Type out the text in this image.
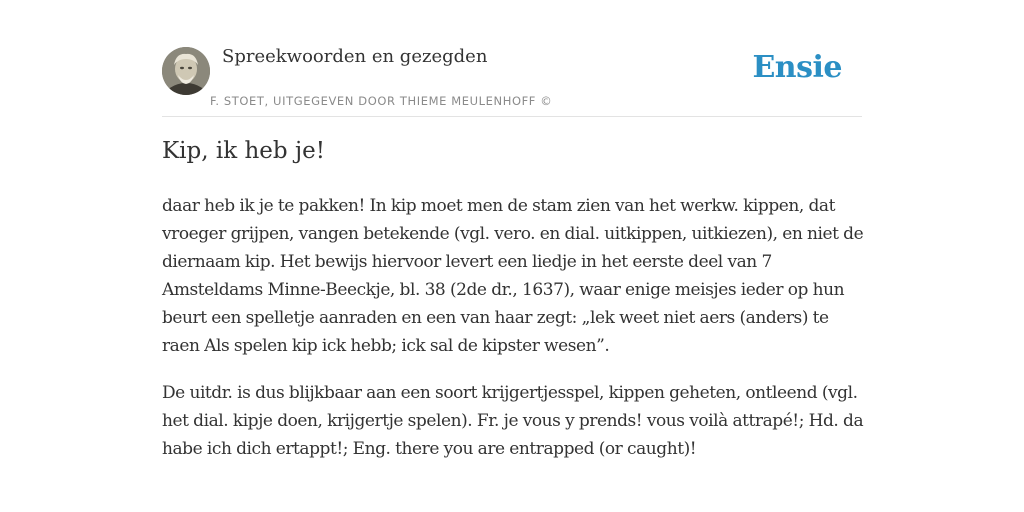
Spreekwoorden en gezegden
F. STOET, UITGEGEVEN DOOR THIEME MEULENHOFF ©
Ensie
Kip, ik heb je!

daar heb ik je te pakken! In kip moet men de stam zien van het werkw. kippen, dat vroeger grijpen, vangen betekende (vgl. vero. en dial. uitkippen, uitkiezen), en niet de diernaam kip. Het bewijs hiervoor levert een liedje in het eerste deel van 7 Amsteldams Minne-Beeckje, bl. 38 (2de dr., 1637), waar enige meisjes ieder op hun beurt een spelletje aanraden en een van haar zegt: „lek weet niet aers (anders) te raen Als spelen kip ick hebb; ick sal de kipster wesen”.

De uitdr. is dus blijkbaar aan een soort krijgertjesspel, kippen geheten, ontleend (vgl. het dial. kipje doen, krijgertje spelen). Fr. je vous y prends! vous voilà attrapé!; Hd. da habe ich dich ertappt!; Eng. there you are entrapped (or caught)!
